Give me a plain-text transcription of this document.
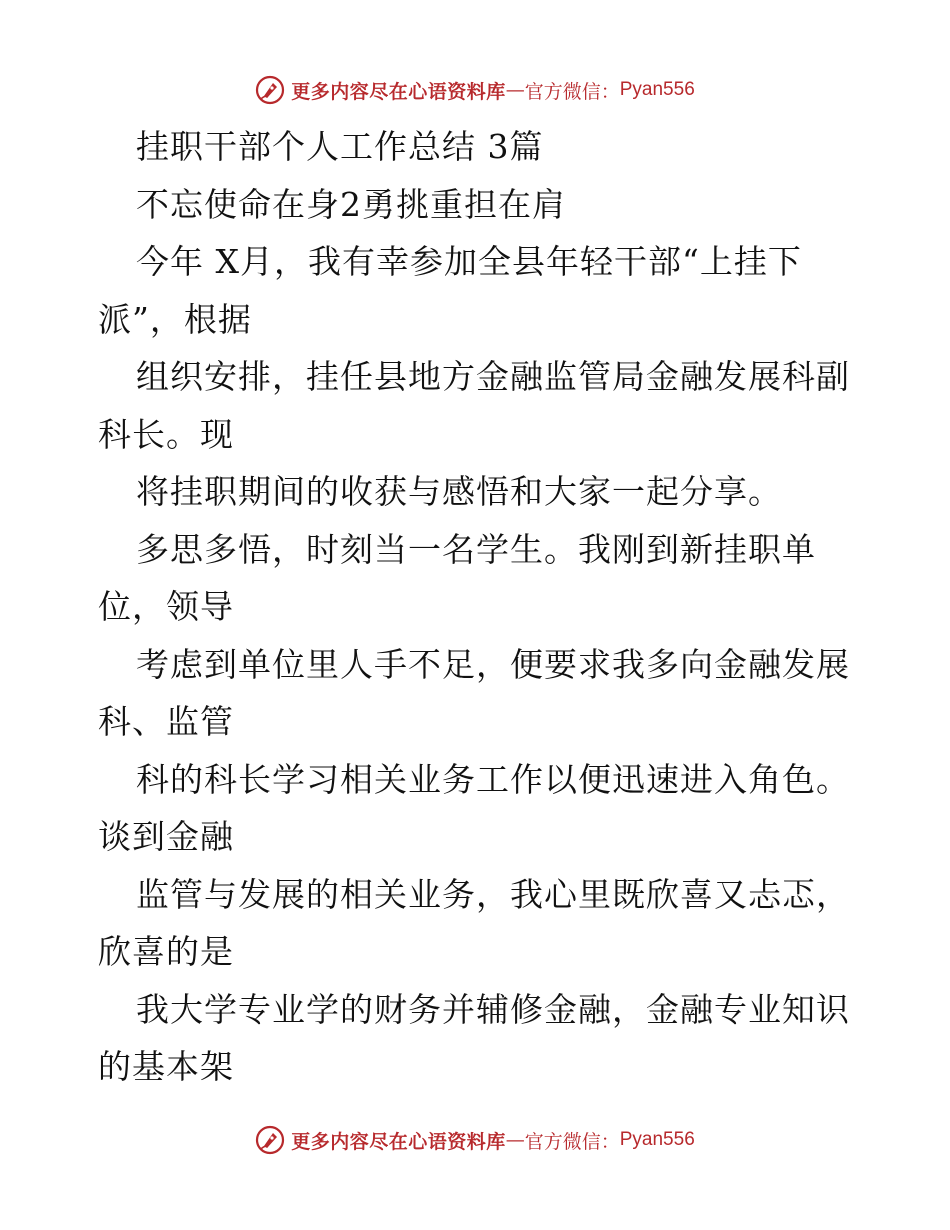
更多内容尽在心语资料库 — 官方微信： Pyan556
挂职干部个人工作总结 3篇
不忘使命在身2勇挑重担在肩
今年 X月，我有幸参加全县年轻干部“上挂下
派”，根据
组织安排，挂任县地方金融监管局金融发展科副
科长。现
将挂职期间的收获与感悟和大家一起分享。
多思多悟，时刻当一名学生。我刚到新挂职单
位，领导
考虑到单位里人手不足，便要求我多向金融发展
科、监管
科的科长学习相关业务工作以便迅速进入角色。
谈到金融
监管与发展的相关业务，我心里既欣喜又忐忑，
欣喜的是
我大学专业学的财务并辅修金融，金融专业知识
的基本架
更多内容尽在心语资料库 — 官方微信： Pyan556
